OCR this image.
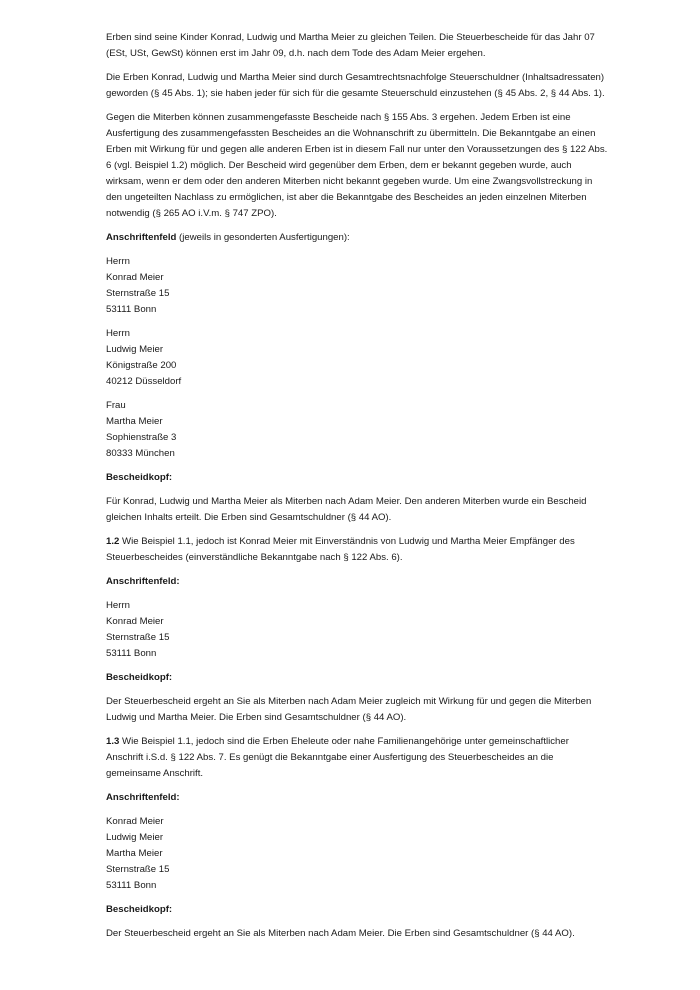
Erben sind seine Kinder Konrad, Ludwig und Martha Meier zu gleichen Teilen. Die Steuerbescheide für das Jahr 07 (ESt, USt, GewSt) können erst im Jahr 09, d.h. nach dem Tode des Adam Meier ergehen.

Die Erben Konrad, Ludwig und Martha Meier sind durch Gesamtrechtsnachfolge Steuerschuldner (Inhaltsadressaten) geworden (§ 45 Abs. 1); sie haben jeder für sich für die gesamte Steuerschuld einzustehen (§ 45 Abs. 2, § 44 Abs. 1).

Gegen die Miterben können zusammengefasste Bescheide nach § 155 Abs. 3 ergehen. Jedem Erben ist eine Ausfertigung des zusammengefassten Bescheides an die Wohnanschrift zu übermitteln. Die Bekanntgabe an einen Erben mit Wirkung für und gegen alle anderen Erben ist in diesem Fall nur unter den Voraussetzungen des § 122 Abs. 6 (vgl. Beispiel 1.2) möglich. Der Bescheid wird gegenüber dem Erben, dem er bekannt gegeben wurde, auch wirksam, wenn er dem oder den anderen Miterben nicht bekannt gegeben wurde. Um eine Zwangsvollstreckung in den ungeteilten Nachlass zu ermöglichen, ist aber die Bekanntgabe des Bescheides an jeden einzelnen Miterben notwendig (§ 265 AO i.V.m. § 747 ZPO).

Anschriftenfeld (jeweils in gesonderten Ausfertigungen):

Herrn
Konrad Meier
Sternstraße 15
53111 Bonn
Herrn
Ludwig Meier
Königstraße 200
40212 Düsseldorf
Frau
Martha Meier
Sophienstraße 3
80333 München

Bescheidkopf:

Für Konrad, Ludwig und Martha Meier als Miterben nach Adam Meier. Den anderen Miterben wurde ein Bescheid gleichen Inhalts erteilt. Die Erben sind Gesamtschuldner (§ 44 AO).

1.2 Wie Beispiel 1.1, jedoch ist Konrad Meier mit Einverständnis von Ludwig und Martha Meier Empfänger des Steuerbescheides (einverständliche Bekanntgabe nach § 122 Abs. 6).

Anschriftenfeld:

Herrn
Konrad Meier
Sternstraße 15
53111 Bonn

Bescheidkopf:

Der Steuerbescheid ergeht an Sie als Miterben nach Adam Meier zugleich mit Wirkung für und gegen die Miterben Ludwig und Martha Meier. Die Erben sind Gesamtschuldner (§ 44 AO).

1.3 Wie Beispiel 1.1, jedoch sind die Erben Eheleute oder nahe Familienangehörige unter gemeinschaftlicher Anschrift i.S.d. § 122 Abs. 7. Es genügt die Bekanntgabe einer Ausfertigung des Steuerbescheides an die gemeinsame Anschrift.

Anschriftenfeld:

Konrad Meier
Ludwig Meier
Martha Meier
Sternstraße 15
53111 Bonn

Bescheidkopf:

Der Steuerbescheid ergeht an Sie als Miterben nach Adam Meier. Die Erben sind Gesamtschuldner (§ 44 AO).
